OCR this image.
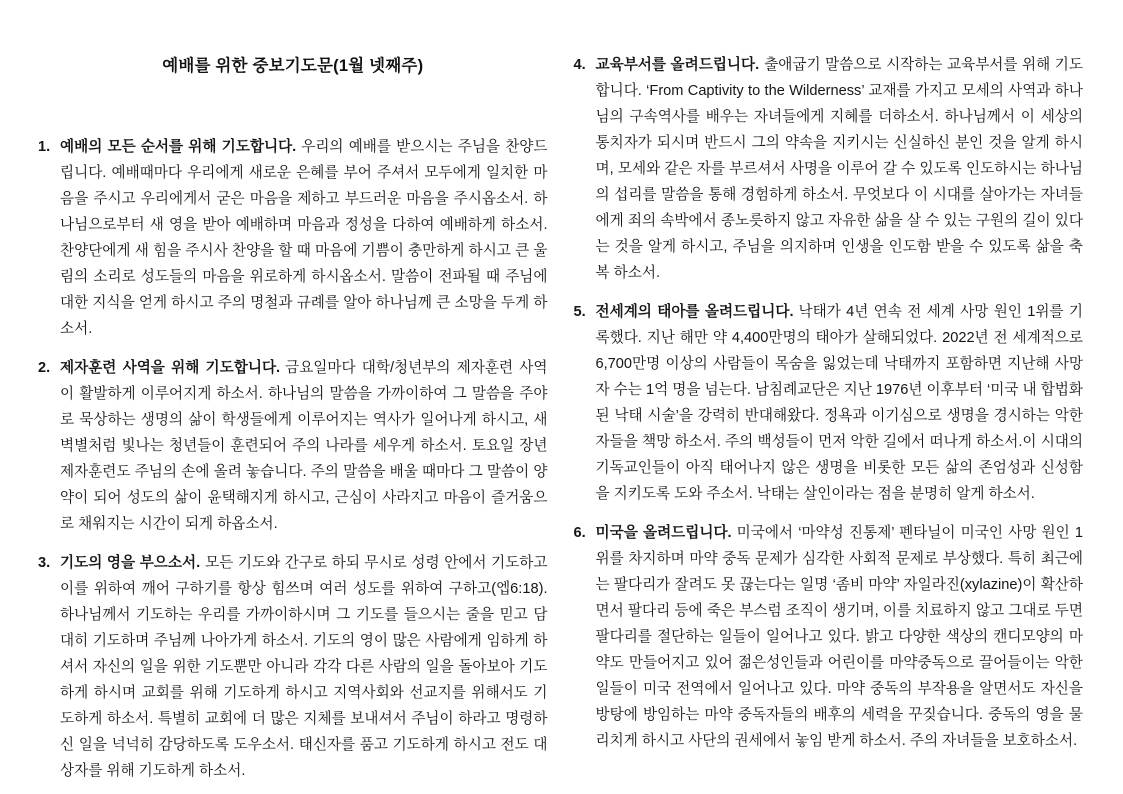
예배를 위한 중보기도문(1월 넷째주)
1. 예배의 모든 순서를 위해 기도합니다. 우리의 예배를 받으시는 주님을 찬양드립니다. 예배때마다 우리에게 새로운 은혜를 부어 주셔서 모두에게 일치한 마음을 주시고 우리에게서 굳은 마음을 제하고 부드러운 마음을 주시옵소서. 하나님으로부터 새 영을 받아 예배하며 마음과 정성을 다하여 예배하게 하소서. 찬양단에게 새 힘을 주시사 찬양을 할 때 마음에 기쁨이 충만하게 하시고 큰 울림의 소리로 성도들의 마음을 위로하게 하시옵소서. 말씀이 전파될 때 주님에 대한 지식을 얻게 하시고 주의 명철과 규례를 알아 하나님께 큰 소망을 두게 하소서.
2. 제자훈련 사역을 위해 기도합니다. 금요일마다 대학/청년부의 제자훈련 사역이 활발하게 이루어지게 하소서. 하나님의 말씀을 가까이하여 그 말씀을 주야로 묵상하는 생명의 삶이 학생들에게 이루어지는 역사가 일어나게 하시고, 새벽별처럼 빛나는 청년들이 훈련되어 주의 나라를 세우게 하소서. 토요일 장년 제자훈련도 주님의 손에 올려 놓습니다. 주의 말씀을 배울 때마다 그 말씀이 양약이 되어 성도의 삶이 윤택해지게 하시고, 근심이 사라지고 마음이 즐거움으로 채워지는 시간이 되게 하옵소서.
3. 기도의 영을 부으소서. 모든 기도와 간구로 하되 무시로 성령 안에서 기도하고 이를 위하여 깨어 구하기를 항상 힘쓰며 여러 성도를 위하여 구하고(엡6:18). 하나님께서 기도하는 우리를 가까이하시며 그 기도를 들으시는 줄을 믿고 담대히 기도하며 주님께 나아가게 하소서. 기도의 영이 많은 사람에게 임하게 하셔서 자신의 일을 위한 기도뿐만 아니라 각각 다른 사람의 일을 돌아보아 기도하게 하시며 교회를 위해 기도하게 하시고 지역사회와 선교지를 위해서도 기도하게 하소서. 특별히 교회에 더 많은 지체를 보내셔서 주님이 하라고 명령하신 일을 넉넉히 감당하도록 도우소서. 태신자를 품고 기도하게 하시고 전도 대상자를 위해 기도하게 하소서.
4. 교육부서를 올려드립니다. 출애굽기 말씀으로 시작하는 교육부서를 위해 기도합니다. ‘From Captivity to the Wilderness’ 교재를 가지고 모세의 사역과 하나님의 구속역사를 배우는 자녀들에게 지혜를 더하소서. 하나님께서 이 세상의 통치자가 되시며 반드시 그의 약속을 지키시는 신실하신 분인 것을 알게 하시며, 모세와 같은 자를 부르셔서 사명을 이루어 갈 수 있도록 인도하시는 하나님의 섭리를 말씀을 통해 경험하게 하소서. 무엇보다 이 시대를 살아가는 자녀들에게 죄의 속박에서 종노릇하지 않고 자유한 삶을 살 수 있는 구원의 길이 있다는 것을 알게 하시고, 주님을 의지하며 인생을 인도함 받을 수 있도록 삶을 축복 하소서.
5. 전세계의 태아를 올려드립니다. 낙태가 4년 연속 전 세계 사망 원인 1위를 기록했다. 지난 해만 약 4,400만명의 태아가 살해되었다. 2022년 전 세계적으로 6,700만명 이상의 사람들이 목숨을 잃었는데 낙태까지 포함하면 지난해 사망자 수는 1억 명을 넘는다. 남침례교단은 지난 1976년 이후부터 ‘미국 내 합법화된 낙태 시술’을 강력히 반대해왔다. 정욕과 이기심으로 생명을 경시하는 악한 자들을 책망 하소서. 주의 백성들이 먼저 악한 길에서 떠나게 하소서.이 시대의 기독교인들이 아직 태어나지 않은 생명을 비롯한 모든 삶의 존엄성과 신성함을 지키도록 도와 주소서. 낙태는 살인이라는 점을 분명히 알게 하소서.
6. 미국을 올려드립니다. 미국에서 ‘마약성 진통제’ 펜타닐이 미국인 사망 원인 1위를 차지하며 마약 중독 문제가 심각한 사회적 문제로 부상했다. 특히 최근에는 팔다리가 잘려도 못 끊는다는 일명 ‘좀비 마약’ 자일라진(xylazine)이 확산하면서 팔다리 등에 죽은 부스럼 조직이 생기며, 이를 치료하지 않고 그대로 두면 팔다리를 절단하는 일들이 일어나고 있다. 밝고 다양한 색상의 캔디모양의 마약도 만들어지고 있어 젊은성인들과 어린이를 마약중독으로 끌어들이는 악한 일들이 미국 전역에서 일어나고 있다. 마약 중독의 부작용을 알면서도 자신을 방탕에 방임하는 마약 중독자들의 배후의 세력을 꾸짖습니다. 중독의 영을 물리치게 하시고 사단의 권세에서 놓임 받게 하소서. 주의 자녀들을 보호하소서.
